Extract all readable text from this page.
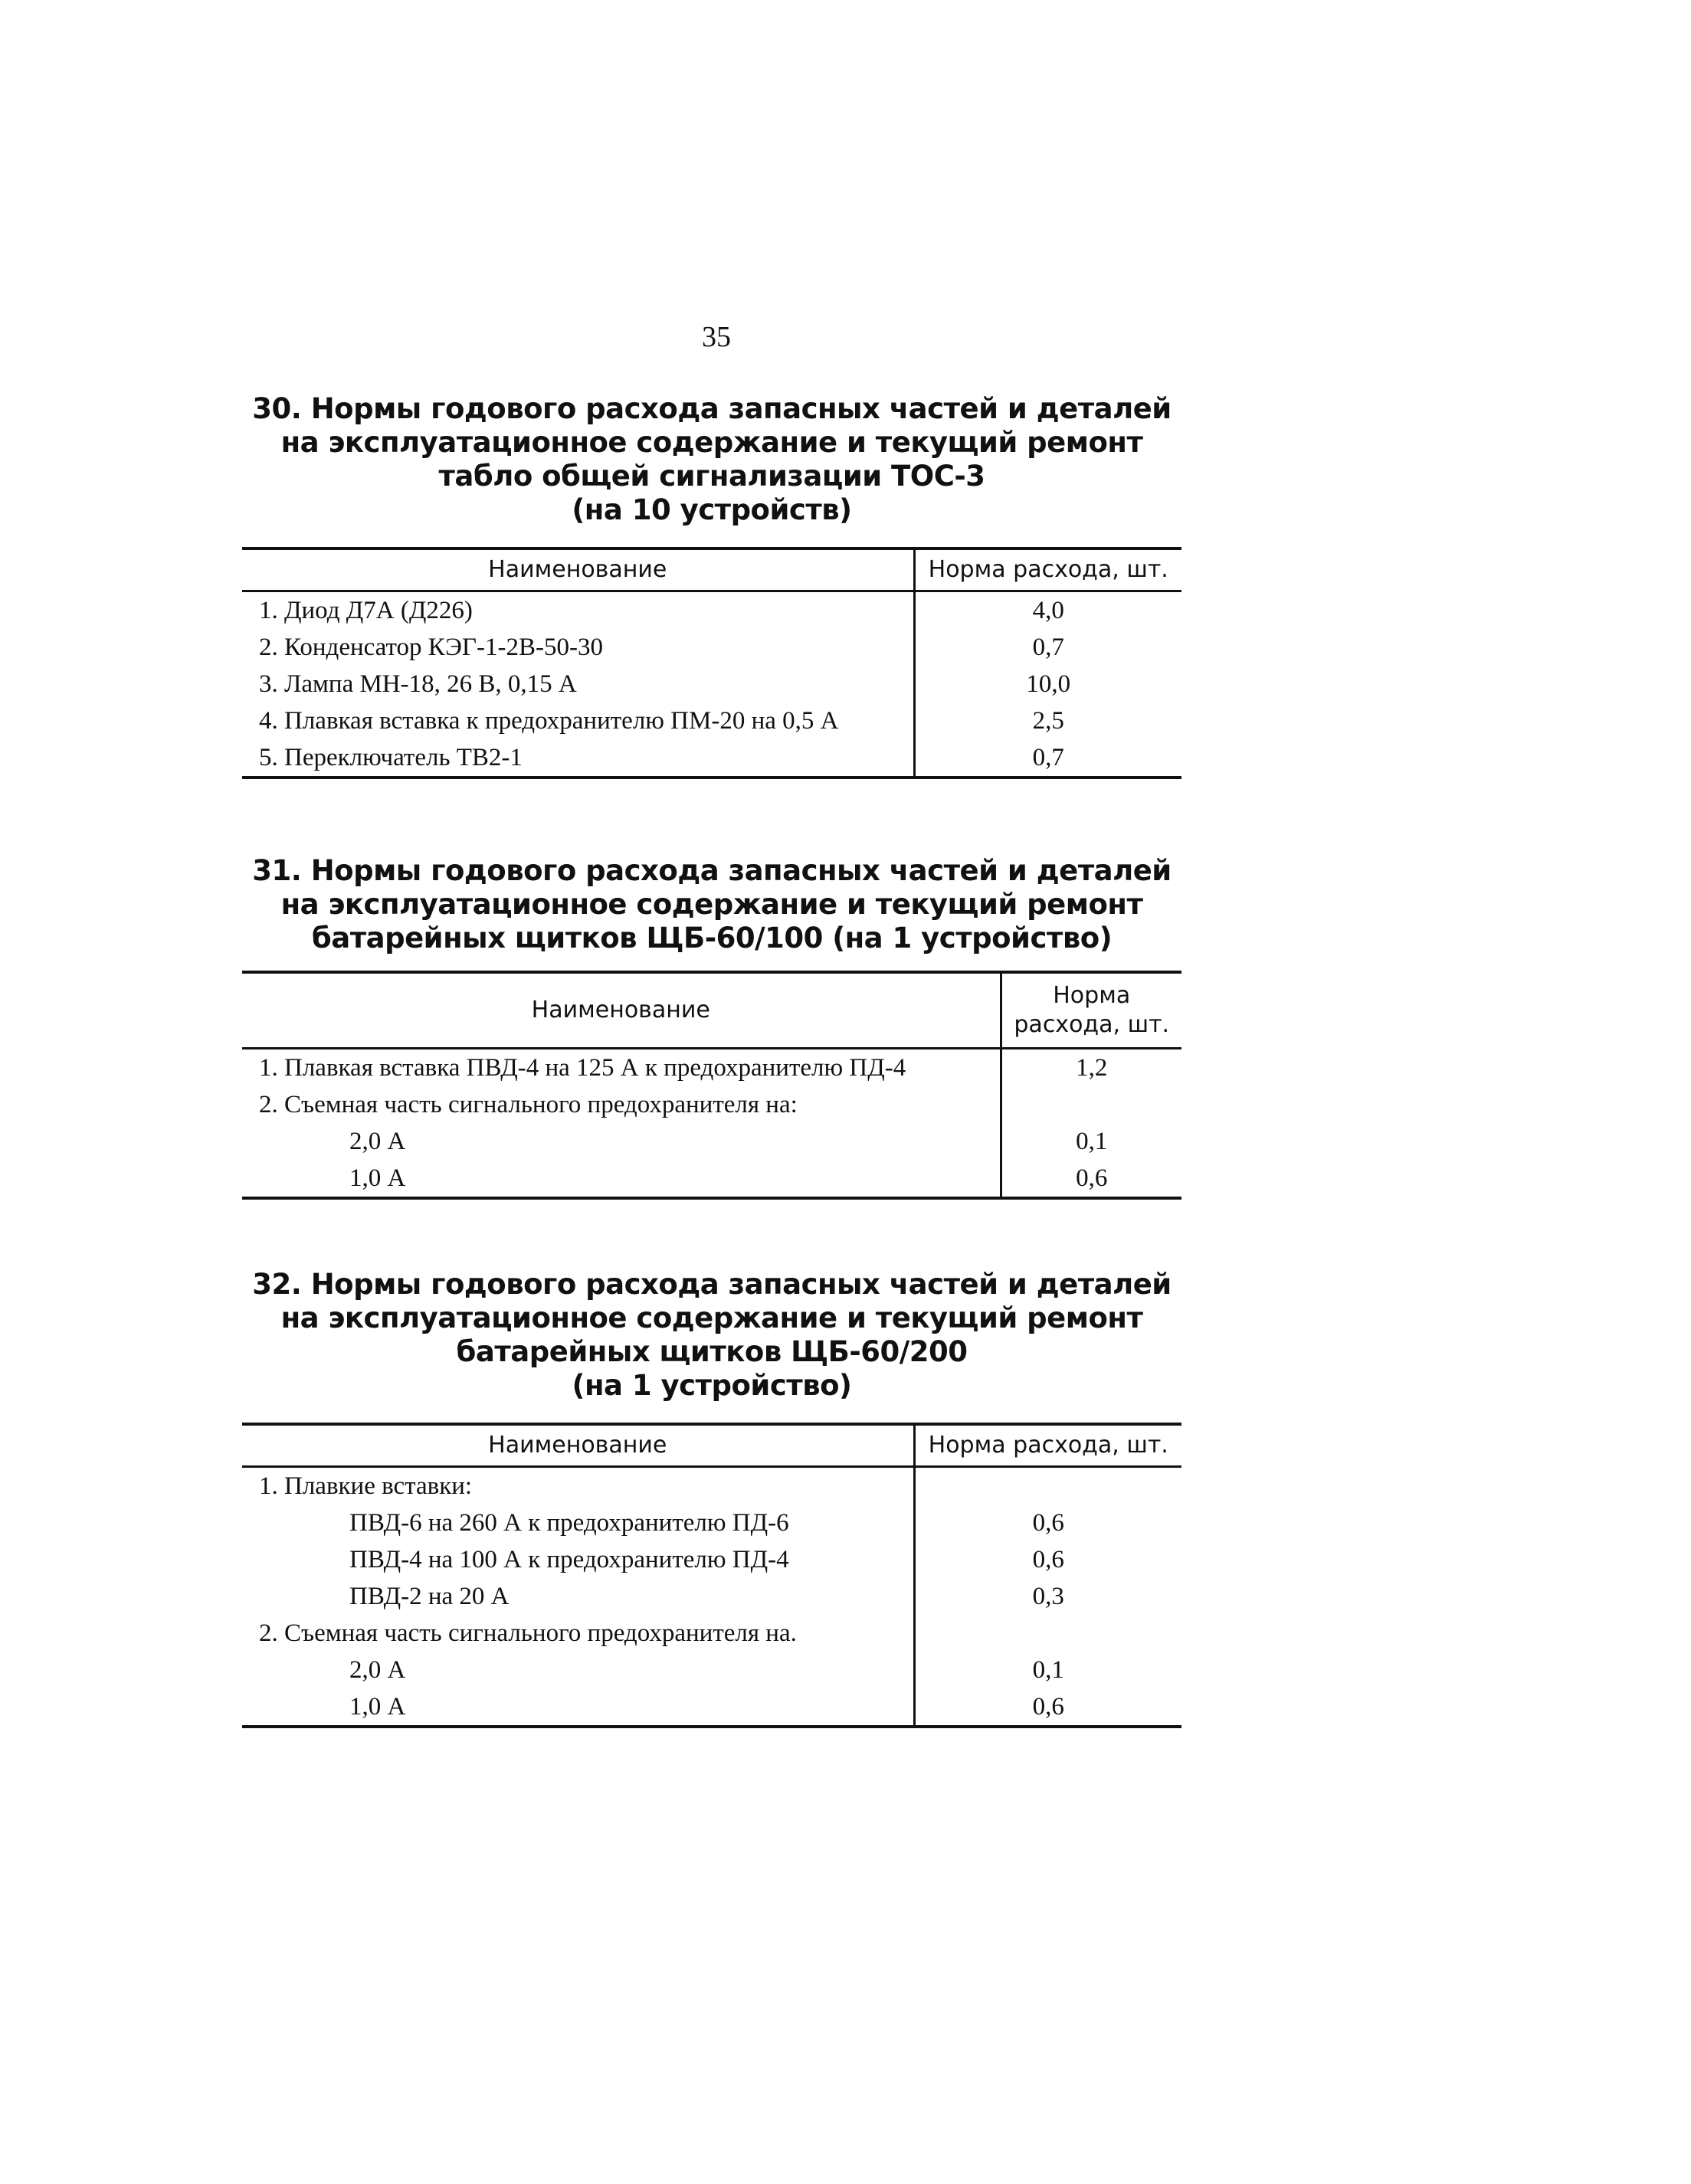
35
30. Нормы годового расхода запасных частей и деталей
на эксплуатационное содержание и текущий ремонт
табло общей сигнализации ТОС-3
(на 10 устройств)
Наименование	Норма расхода, шт.
1. Диод Д7А (Д226)	4,0
2. Конденсатор КЭГ-1-2В-50-30	0,7
3. Лампа МН-18, 26 В, 0,15 А	10,0
4. Плавкая вставка к предохранителю ПМ-20 на 0,5 А	2,5
5. Переключатель ТВ2-1	0,7
31. Нормы годового расхода запасных частей и деталей
на эксплуатационное содержание и текущий ремонт
батарейных щитков ЩБ-60/100 (на 1 устройство)
Наименование	Норма
расхода, шт.

1. Плавкая вставка ПВД-4 на 125 А к предохранителю ПД-4	1,2
2. Съемная часть сигнального предохранителя на:	
2,0 А	0,1
1,0 А	0,6
32. Нормы годового расхода запасных частей и деталей
на эксплуатационное содержание и текущий ремонт
батарейных щитков ЩБ-60/200
(на 1 устройство)
Наименование	Норма расхода, шт.
1. Плавкие вставки:	
ПВД-6 на 260 А к предохранителю ПД-6	0,6
ПВД-4 на 100 А к предохранителю ПД-4	0,6
ПВД-2 на 20 А	0,3
2. Съемная часть сигнального предохранителя на.	
2,0 А	0,1
1,0 А	0,6
